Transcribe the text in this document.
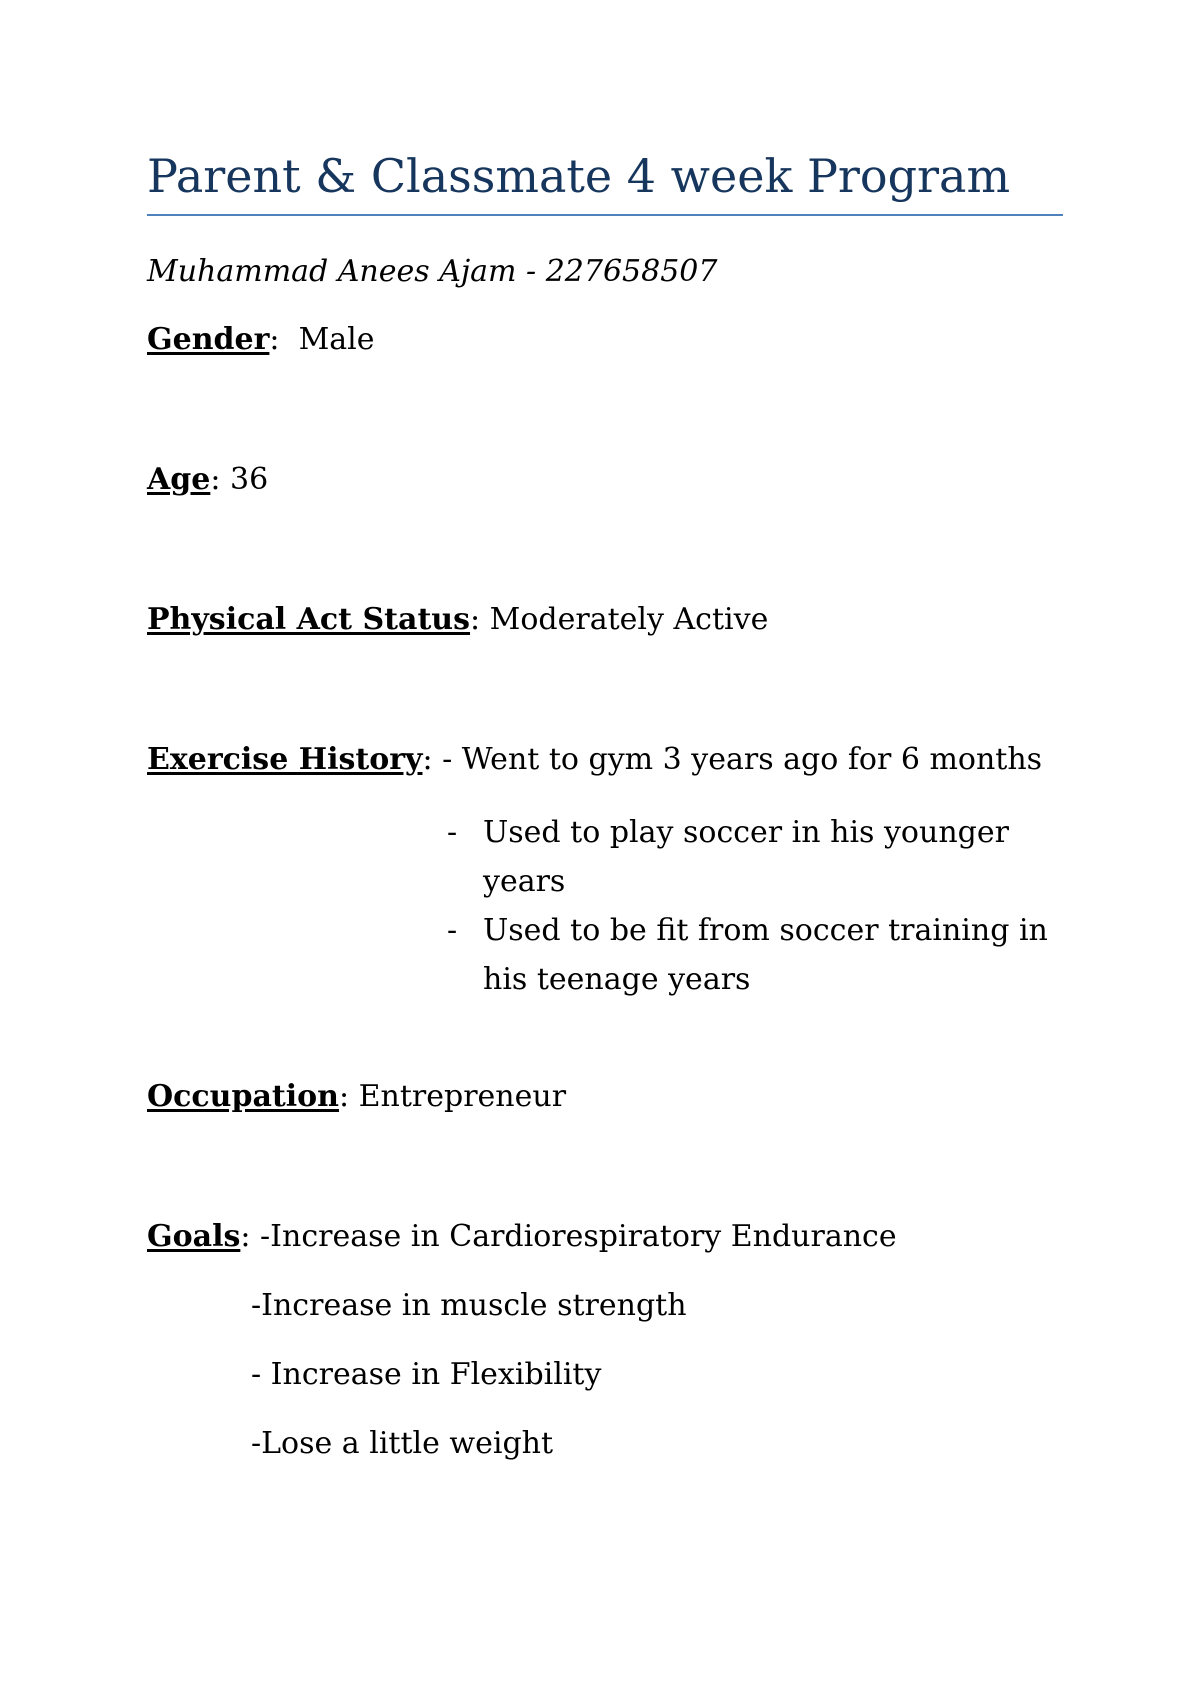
Parent & Classmate 4 week Program
Muhammad Anees Ajam - 227658507
Gender:  Male
Age: 36
Physical Act Status: Moderately Active
Exercise History: - Went to gym 3 years ago for 6 months
- Used to play soccer in his younger years
- Used to be fit from soccer training in his teenage years
Occupation: Entrepreneur
Goals: -Increase in Cardiorespiratory Endurance
-Increase in muscle strength
- Increase in Flexibility
-Lose a little weight
